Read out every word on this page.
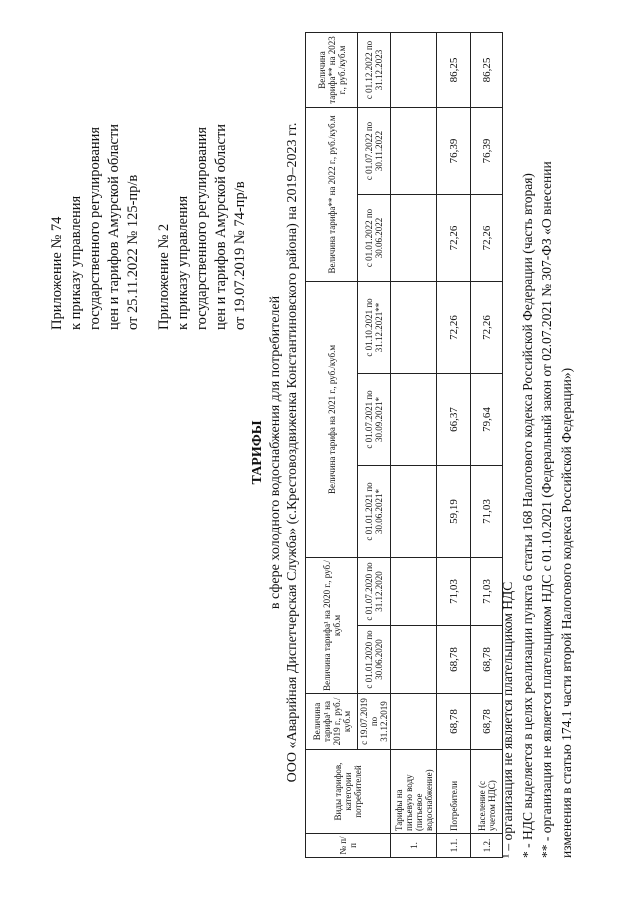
Приложение № 74 к приказу управления государственного регулирования цен и тарифов Амурской области от 25.11.2022 № 125-пр/в Приложение № 2 к приказу управления государственного регулирования цен и тарифов Амурской области от 19.07.2019 № 74-пр/в
ТАРИФЫ в сфере холодного водоснабжения для потребителей ООО «Аварийная Диспетчерская Служба» (с.Крестовоздвиженка Константиновского района) на 2019–2023 гг.
№ п/п	Виды тарифов, категории потребителей	Величина тарифа¹ на 2019 г., руб./куб.м	Величина тарифа¹ на 2020 г., руб./куб.м		Величина тарифа на 2021 г., руб./куб.м			Величина тарифа** на 2022 г., руб./куб.м		Величина тарифа** на 2023 г., руб./куб.м
		с 19.07.2019 по 31.12.2019	с 01.01.2020 по 30.06.2020	с 01.07.2020 по 31.12.2020	с 01.01.2021 по 30.06.2021*	с 01.07.2021 по 30.09.2021*	с 01.10.2021 по 31.12.2021**	с 01.01.2022 по 30.06.2022	с 01.07.2022 по 30.11.2022	с 01.12.2022 по 31.12.2023
1.	Тарифы на питьевую воду (питьевое водоснабжение)									
1.1.	Потребители	68,78	68,78	71,03	59,19	66,37	72,26	72,26	76,39	86,25
1.2.	Население (с учетом НДС)	68,78	68,78	71,03	71,03	79,64	72,26	72,26	76,39	86,25
¹ – организация не является плательщиком НДС * - НДС выделяется в целях реализации пункта 6 статьи 168 Налогового кодекса Российской Федерации (часть вторая) ** - организация не является плательщиком НДС с 01.10.2021 (Федеральный закон от 02.07.2021 № 307-ФЗ «О внесении изменения в статью 174.1 части второй Налогового кодекса Российской Федерации»)
